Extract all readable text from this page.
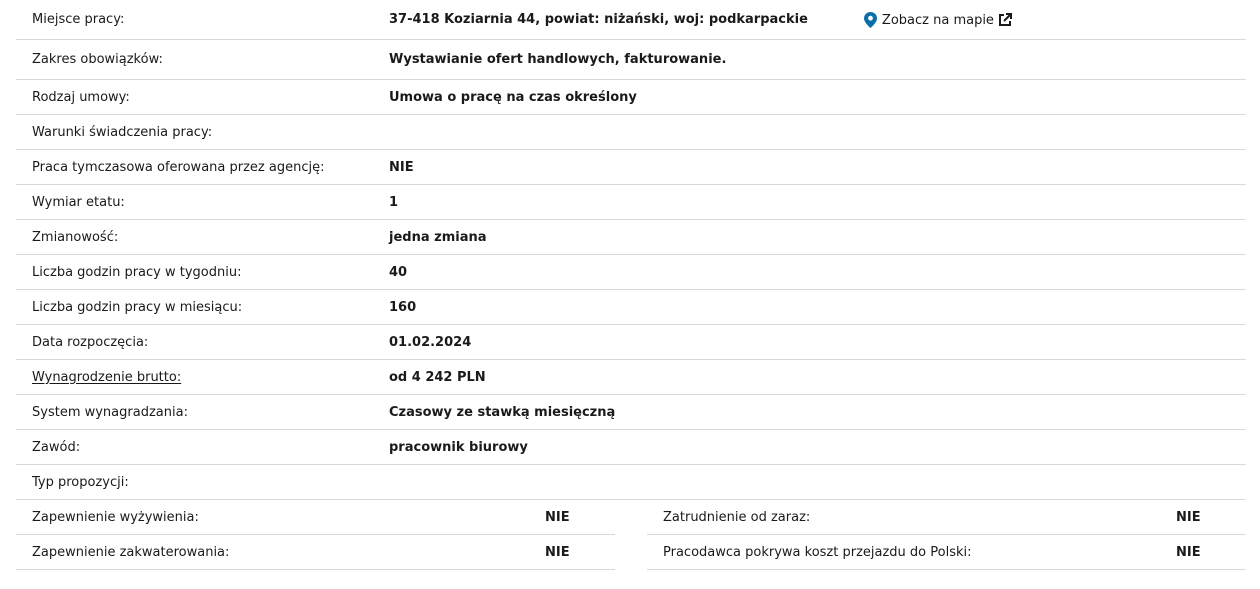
Miejsce pracy:	37-418 Koziarnia 44, powiat: niżański, woj: podkarpackie	Zobacz na mapie
Zakres obowiązków:	Wystawianie ofert handlowych, fakturowanie.
Rodzaj umowy:	Umowa o pracę na czas określony
Warunki świadczenia pracy:
Praca tymczasowa oferowana przez agencję:	NIE
Wymiar etatu:	1
Zmianowość:	jedna zmiana
Liczba godzin pracy w tygodniu:	40
Liczba godzin pracy w miesiącu:	160
Data rozpoczęcia:	01.02.2024
Wynagrodzenie brutto:	od 4 242 PLN
System wynagradzania:	Czasowy ze stawką miesięczną
Zawód:	pracownik biurowy
Typ propozycji:
Zapewnienie wyżywienia:	NIE
Zapewnienie zakwaterowania:	NIE
Zatrudnienie od zaraz:	NIE
Pracodawca pokrywa koszt przejazdu do Polski:	NIE
